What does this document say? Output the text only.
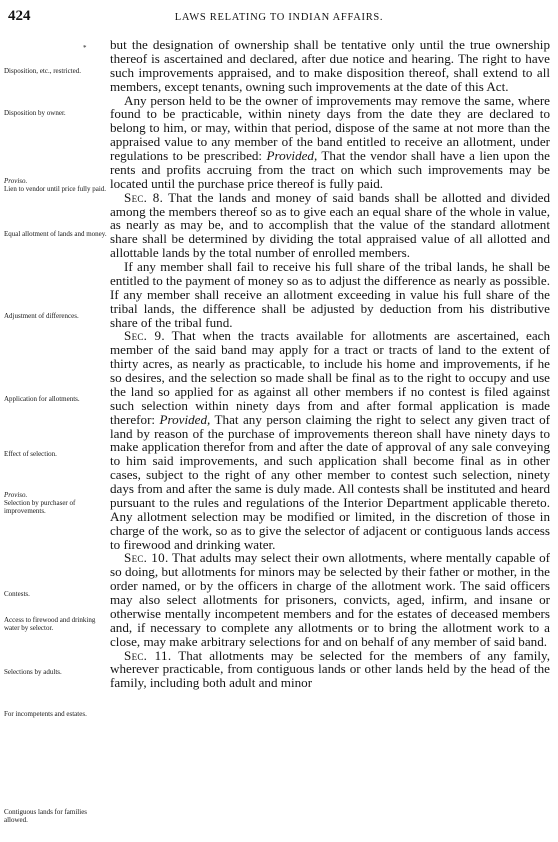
424	LAWS RELATING TO INDIAN AFFAIRS.
*
Disposition, etc., restricted.
Disposition by owner.
Proviso.
Lien to vendor until price fully paid.
Equal allotment of lands and money.
Adjustment of differences.
Application for allotments.
Effect of selection.
Proviso.
Selection by purchaser of improvements.
Contests.
Access to firewood and drinking water by selector.
Selections by adults.
For incompetents and estates.
Contiguous lands for families allowed.

but the designation of ownership shall be tentative only until the true ownership thereof is ascertained and declared, after due notice and hearing. The right to have such improvements appraised, and to make disposition thereof, shall extend to all members, except tenants, owning such improvements at the date of this Act.

Any person held to be the owner of improvements may remove the same, where found to be practicable, within ninety days from the date they are declared to belong to him, or may, within that period, dispose of the same at not more than the appraised value to any member of the band entitled to receive an allotment, under regulations to be prescribed: Provided, That the vendor shall have a lien upon the rents and profits accruing from the tract on which such improvements may be located until the purchase price thereof is fully paid.

Sec. 8. That the lands and money of said bands shall be allotted and divided among the members thereof so as to give each an equal share of the whole in value, as nearly as may be, and to accomplish that the value of the standard allotment share shall be determined by dividing the total appraised value of all allotted and allottable lands by the total number of enrolled members.

If any member shall fail to receive his full share of the tribal lands, he shall be entitled to the payment of money so as to adjust the difference as nearly as possible. If any member shall receive an allotment exceeding in value his full share of the tribal lands, the difference shall be adjusted by deduction from his distributive share of the tribal fund.

Sec. 9. That when the tracts available for allotments are ascertained, each member of the said band may apply for a tract or tracts of land to the extent of thirty acres, as nearly as practicable, to include his home and improvements, if he so desires, and the selection so made shall be final as to the right to occupy and use the land so applied for as against all other members if no contest is filed against such selection within ninety days from and after formal application is made therefor: Provided, That any person claiming the right to select any given tract of land by reason of the purchase of improvements thereon shall have ninety days to make application therefor from and after the date of approval of any sale conveying to him said improvements, and such application shall become final as in other cases, subject to the right of any other member to contest such selection, ninety days from and after the same is duly made. All contests shall be instituted and heard pursuant to the rules and regulations of the Interior Department applicable thereto. Any allotment selection may be modified or limited, in the discretion of those in charge of the work, so as to give the selector of adjacent or contiguous lands access to firewood and drinking water.

Sec. 10. That adults may select their own allotments, where mentally capable of so doing, but allotments for minors may be selected by their father or mother, in the order named, or by the officers in charge of the allotment work. The said officers may also select allotments for prisoners, convicts, aged, infirm, and insane or otherwise mentally incompetent members and for the estates of deceased members and, if necessary to complete any allotments or to bring the allotment work to a close, may make arbitrary selections for and on behalf of any member of said band.

Sec. 11. That allotments may be selected for the members of any family, wherever practicable, from contiguous lands or other lands held by the head of the family, including both adult and minor
